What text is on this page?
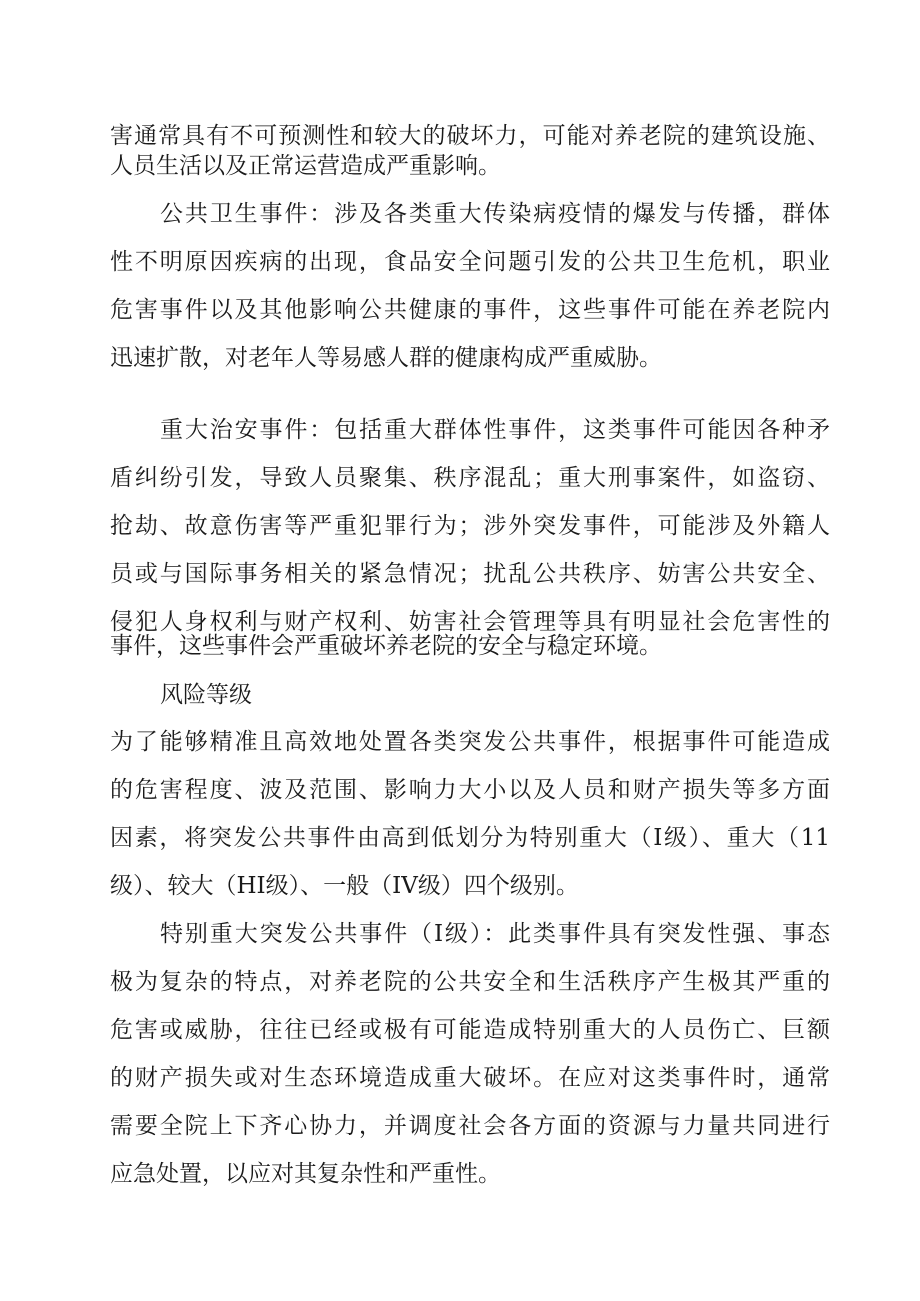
害通常具有不可预测性和较大的破坏力，可能对养老院的建筑设施、
人员生活以及正常运营造成严重影响。
公共卫生事件：涉及各类重大传染病疫情的爆发与传播，群体
性不明原因疾病的出现，食品安全问题引发的公共卫生危机，职业
危害事件以及其他影响公共健康的事件，这些事件可能在养老院内
迅速扩散，对老年人等易感人群的健康构成严重威胁。
重大治安事件：包括重大群体性事件，这类事件可能因各种矛
盾纠纷引发，导致人员聚集、秩序混乱；重大刑事案件，如盗窃、
抢劫、故意伤害等严重犯罪行为；涉外突发事件，可能涉及外籍人
员或与国际事务相关的紧急情况；扰乱公共秩序、妨害公共安全、
侵犯人身权利与财产权利、妨害社会管理等具有明显社会危害性的
事件，这些事件会严重破坏养老院的安全与稳定环境。
风险等级
为了能够精准且高效地处置各类突发公共事件，根据事件可能造成
的危害程度、波及范围、影响力大小以及人员和财产损失等多方面
因素，将突发公共事件由高到低划分为特别重大（I级）、重大（11
级）、较大（HI级）、一般（IV级）四个级别。
特别重大突发公共事件（I级）：此类事件具有突发性强、事态
极为复杂的特点，对养老院的公共安全和生活秩序产生极其严重的
危害或威胁，往往已经或极有可能造成特别重大的人员伤亡、巨额
的财产损失或对生态环境造成重大破坏。在应对这类事件时，通常
需要全院上下齐心协力，并调度社会各方面的资源与力量共同进行
应急处置，以应对其复杂性和严重性。
